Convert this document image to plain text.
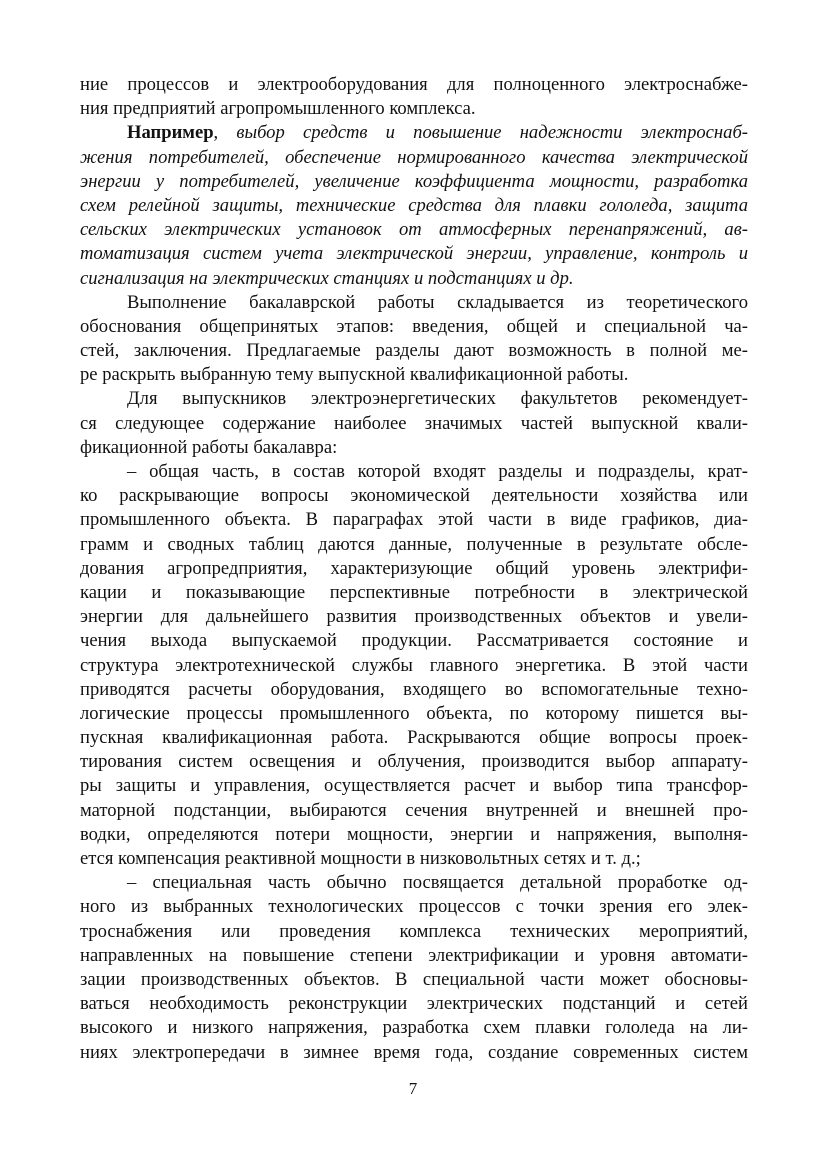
ние процессов и электрооборудования для полноценного электроснабже-
ния предприятий агропромышленного комплекса.
Например, выбор средств и повышение надежности электроснаб-
жения потребителей, обеспечение нормированного качества электрической
энергии у потребителей, увеличение коэффициента мощности, разработка
схем релейной защиты, технические средства для плавки гололеда, защита
сельских электрических установок от атмосферных перенапряжений, ав-
томатизация систем учета электрической энергии, управление, контроль и
сигнализация на электрических станциях и подстанциях и др.
Выполнение бакалаврской работы складывается из теоретического
обоснования общепринятых этапов: введения, общей и специальной ча-
стей, заключения. Предлагаемые разделы дают возможность в полной ме-
ре раскрыть выбранную тему выпускной квалификационной работы.
Для выпускников электроэнергетических факультетов рекомендует-
ся следующее содержание наиболее значимых частей выпускной квали-
фикационной работы бакалавра:
– общая часть, в состав которой входят разделы и подразделы, крат-
ко раскрывающие вопросы экономической деятельности хозяйства или
промышленного объекта. В параграфах этой части в виде графиков, диа-
грамм и сводных таблиц даются данные, полученные в результате обсле-
дования агропредприятия, характеризующие общий уровень электрифи-
кации и показывающие перспективные потребности в электрической
энергии для дальнейшего развития производственных объектов и увели-
чения выхода выпускаемой продукции. Рассматривается состояние и
структура электротехнической службы главного энергетика. В этой части
приводятся расчеты оборудования, входящего во вспомогательные техно-
логические процессы промышленного объекта, по которому пишется вы-
пускная квалификационная работа. Раскрываются общие вопросы проек-
тирования систем освещения и облучения, производится выбор аппарату-
ры защиты и управления, осуществляется расчет и выбор типа трансфор-
маторной подстанции, выбираются сечения внутренней и внешней про-
водки, определяются потери мощности, энергии и напряжения, выполня-
ется компенсация реактивной мощности в низковольтных сетях и т. д.;
– специальная часть обычно посвящается детальной проработке од-
ного из выбранных технологических процессов с точки зрения его элек-
троснабжения или проведения комплекса технических мероприятий,
направленных на повышение степени электрификации и уровня автомати-
зации производственных объектов. В специальной части может обосновы-
ваться необходимость реконструкции электрических подстанций и сетей
высокого и низкого напряжения, разработка схем плавки гололеда на ли-
ниях электропередачи в зимнее время года, создание современных систем
7
